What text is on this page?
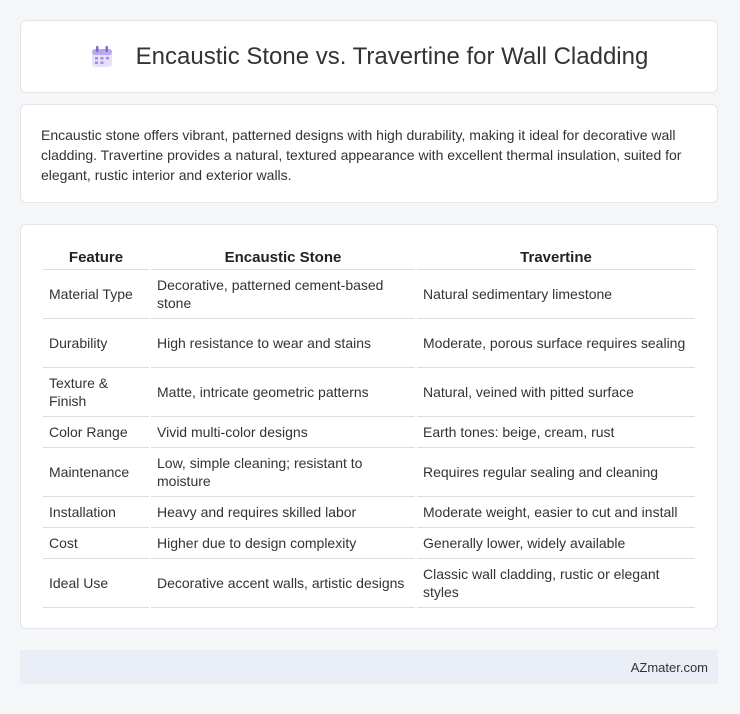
Encaustic Stone vs. Travertine for Wall Cladding

Encaustic stone offers vibrant, patterned designs with high durability, making it ideal for decorative wall cladding. Travertine provides a natural, textured appearance with excellent thermal insulation, suited for elegant, rustic interior and exterior walls.

Feature	Encaustic Stone	Travertine
Material Type	Decorative, patterned cement-based stone	Natural sedimentary limestone
Durability	High resistance to wear and stains	Moderate, porous surface requires sealing
Texture & Finish	Matte, intricate geometric patterns	Natural, veined with pitted surface
Color Range	Vivid multi-color designs	Earth tones: beige, cream, rust
Maintenance	Low, simple cleaning; resistant to moisture	Requires regular sealing and cleaning
Installation	Heavy and requires skilled labor	Moderate weight, easier to cut and install
Cost	Higher due to design complexity	Generally lower, widely available
Ideal Use	Decorative accent walls, artistic designs	Classic wall cladding, rustic or elegant styles
AZmater.com
